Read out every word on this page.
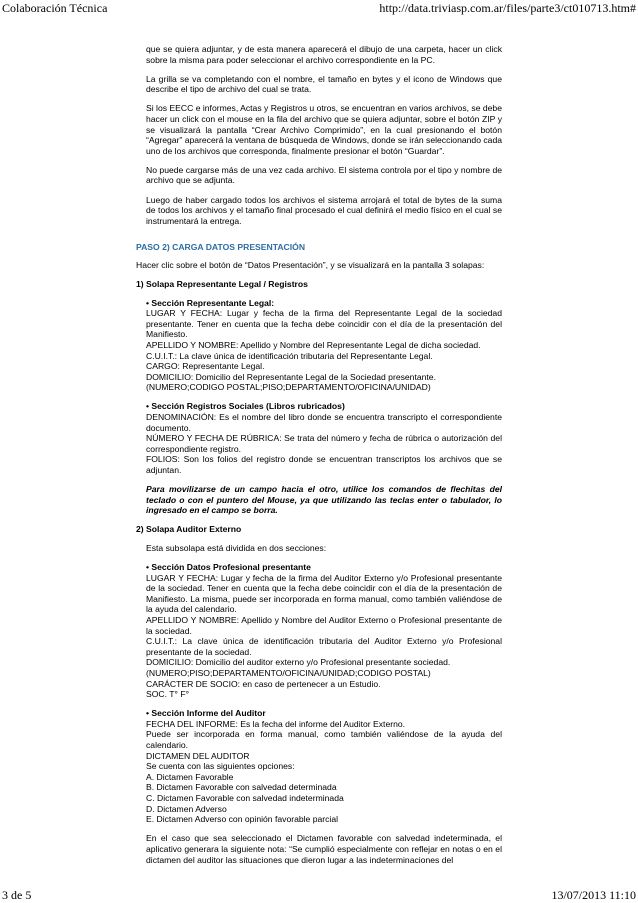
Colaboración Técnica	http://data.triviasp.com.ar/files/parte3/ct010713.htm#

que se quiera adjuntar, y de esta manera aparecerá el dibujo de una carpeta, hacer un click sobre la misma para poder seleccionar el archivo correspondiente en la PC.

La grilla se va completando con el nombre, el tamaño en bytes y el icono de Windows que describe el tipo de archivo del cual se trata.

Si los EECC e informes, Actas y Registros u otros, se encuentran en varios archivos, se debe hacer un click con el mouse en la fila del archivo que se quiera adjuntar, sobre el botón ZIP y se visualizará la pantalla “Crear Archivo Comprimido”, en la cual presionando el botón “Agregar” aparecerá la ventana de búsqueda de Windows, donde se irán seleccionando cada uno de los archivos que corresponda, finalmente presionar el botón “Guardar”.

No puede cargarse más de una vez cada archivo. El sistema controla por el tipo y nombre de archivo que se adjunta.

Luego de haber cargado todos los archivos el sistema arrojará el total de bytes de la suma de todos los archivos y el tamaño final procesado el cual definirá el medio físico en el cual se instrumentará la entrega.

PASO 2) CARGA DATOS PRESENTACIÓN

Hacer clic sobre el botón de “Datos Presentación”, y se visualizará en la pantalla 3 solapas:

1) Solapa Representante Legal / Registros

• Sección Representante Legal:

LUGAR Y FECHA: Lugar y fecha de la firma del Representante Legal de la sociedad presentante. Tener en cuenta que la fecha debe coincidir con el día de la presentación del Manifiesto.
APELLIDO Y NOMBRE: Apellido y Nombre del Representante Legal de dicha sociedad.
C.U.I.T.: La clave única de identificación tributaria del Representante Legal.
CARGO: Representante Legal.
DOMICILIO: Domicilio del Representante Legal de la Sociedad presentante.
(NUMERO;CODIGO POSTAL;PISO;DEPARTAMENTO/OFICINA/UNIDAD)

• Sección Registros Sociales (Libros rubricados)

DENOMINACIÓN: Es el nombre del libro donde se encuentra transcripto el correspondiente documento.
NÚMERO Y FECHA DE RÚBRICA: Se trata del número y fecha de rúbrica o autorización del correspondiente registro.
FOLIOS: Son los folios del registro donde se encuentran transcriptos los archivos que se adjuntan.

Para movilizarse de un campo hacia el otro, utilice los comandos de flechitas del teclado o con el puntero del Mouse, ya que utilizando las teclas enter o tabulador, lo ingresado en el campo se borra.

2) Solapa Auditor Externo

Esta subsolapa está dividida en dos secciones:

• Sección Datos Profesional presentante

LUGAR Y FECHA: Lugar y fecha de la firma del Auditor Externo y/o Profesional presentante de la sociedad. Tener en cuenta que la fecha debe coincidir con el día de la presentación de Manifiesto. La misma, puede ser incorporada en forma manual, como también valiéndose de la ayuda del calendario.
APELLIDO Y NOMBRE: Apellido y Nombre del Auditor Externo o Profesional presentante de la sociedad.
C.U.I.T.: La clave única de identificación tributaria del Auditor Externo y/o Profesional presentante de la sociedad.
DOMICILIO: Domicilio del auditor externo y/o Profesional presentante sociedad.
(NUMERO;PISO;DEPARTAMENTO/OFICINA/UNIDAD;CODIGO POSTAL)
CARÁCTER DE SOCIO: en caso de pertenecer a un Estudio.
SOC. T° F°

• Sección Informe del Auditor

FECHA DEL INFORME: Es la fecha del informe del Auditor Externo.
Puede ser incorporada en forma manual, como también valiéndose de la ayuda del calendario.
DICTAMEN DEL AUDITOR
Se cuenta con las siguientes opciones:
A. Dictamen Favorable
B. Dictamen Favorable con salvedad determinada
C. Dictamen Favorable con salvedad indeterminada
D. Dictamen Adverso
E. Dictamen Adverso con opinión favorable parcial

En el caso que sea seleccionado el Dictamen favorable con salvedad indeterminada, el aplicativo generara la siguiente nota: “Se cumplió especialmente con reflejar en notas o en el dictamen del auditor las situaciones que dieron lugar a las indeterminaciones del

3 de 5	13/07/2013 11:10
